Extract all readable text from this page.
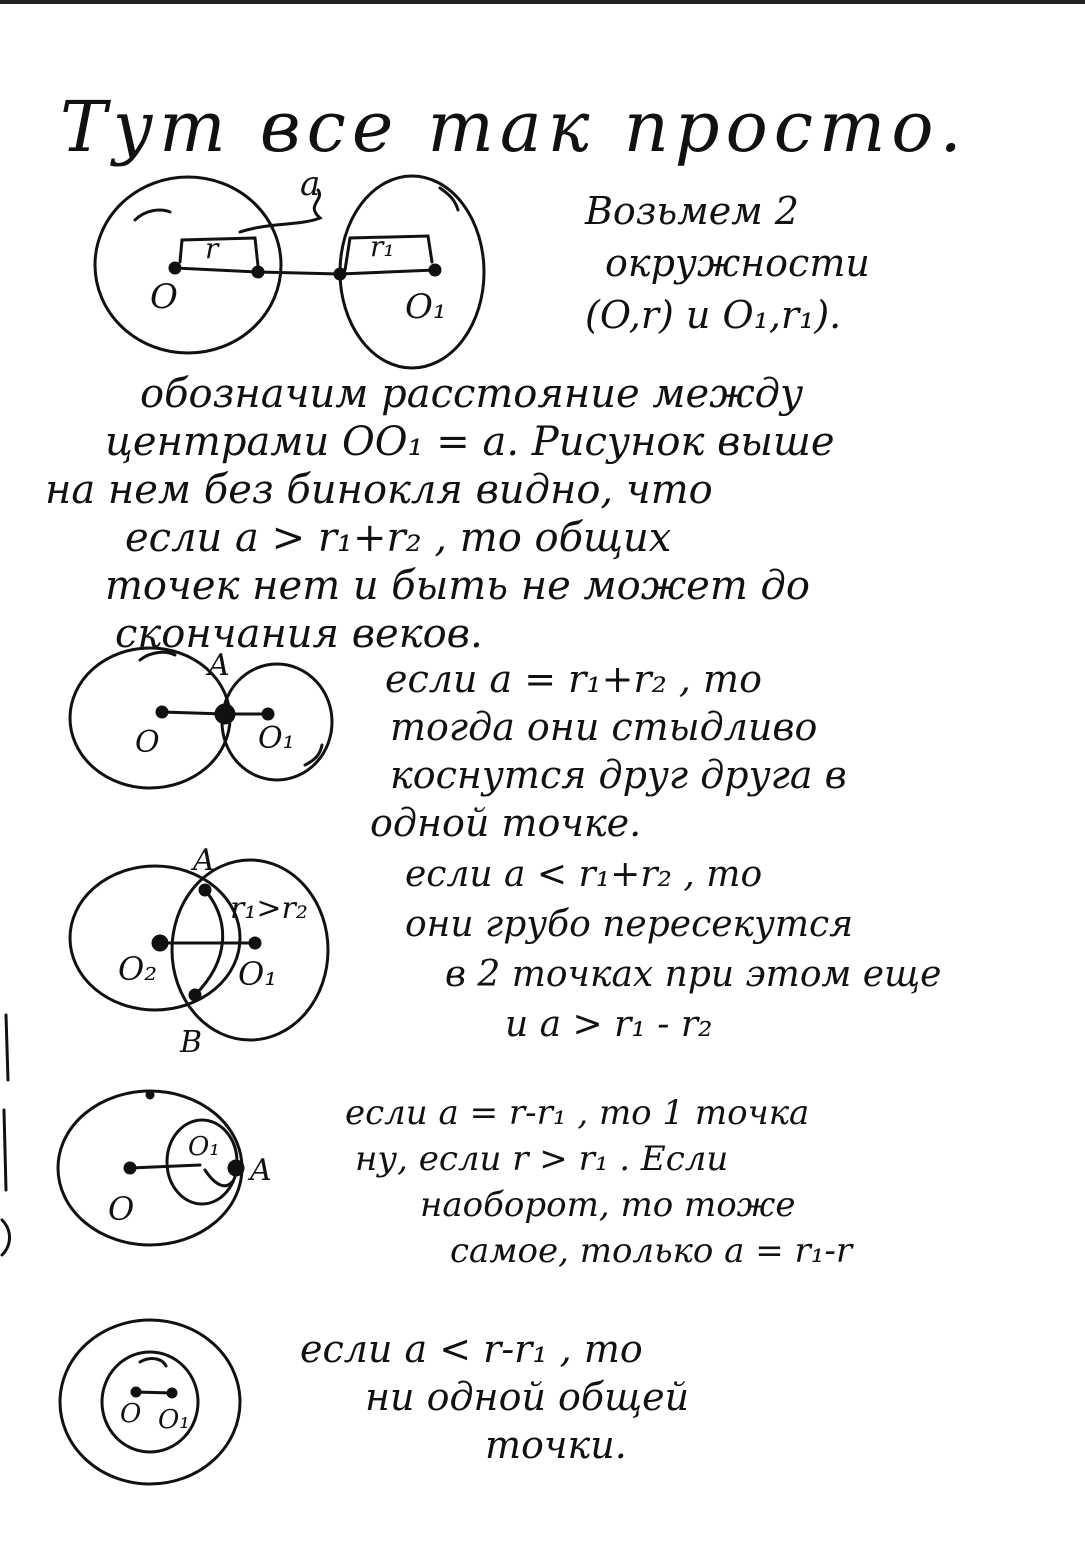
Тут все так просто.
Возьмем 2
окружности
(O,r) и O₁,r₁).
обозначим расстояние между
центрами OO₁ = a. Рисунок выше
на нем без бинокля видно, что
если a > r₁+r₂ , то общих
точек нет и быть не может до
скончания веков.
если a = r₁+r₂ , то
тогда они стыдливо
коснутся друг друга в
одной точке.
если a < r₁+r₂ , то
они грубо пересекутся
в 2 точках при этом еще
и a > r₁ - r₂
если a = r-r₁ , то 1 точка
ну, если r > r₁ . Если
наоборот, то тоже
самое, только a = r₁-r
если a < r-r₁ , то
ни одной общей
точки.
a
r	r₁
O	O₁
A
O	O₁
A
r₁>r₂
O₂	O₁
B
O₁
A
O
O O₁
